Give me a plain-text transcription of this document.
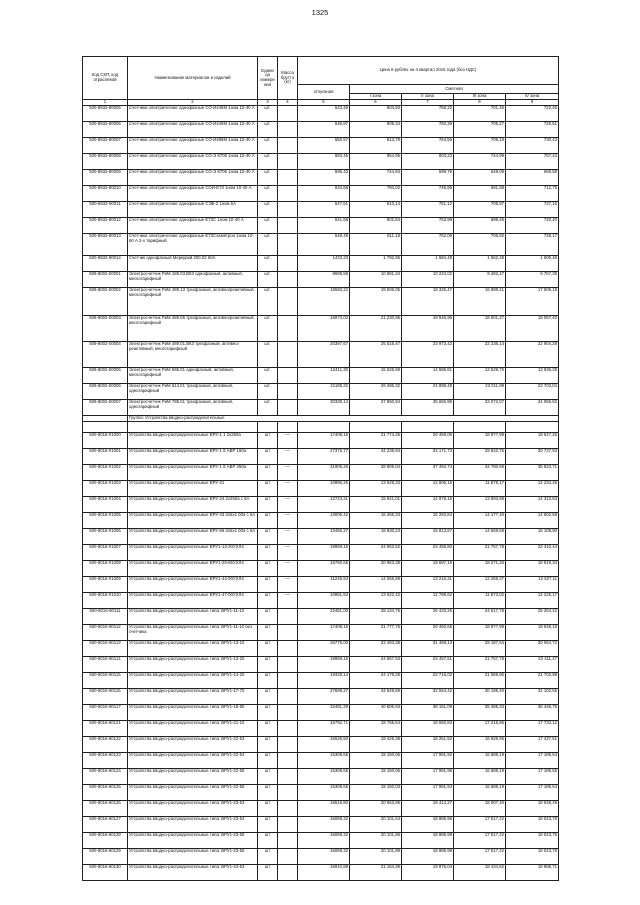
1325
Код СКП, код отраслевой	Наименование материалов и изделий	Едини ца измере ния	Масса брутто (кг)	Цена в рублях на 4 квартал 2015 года (без НДС)				
				отпускная	Сметная			
					I зона	II зона	III зона	IV зона
1	2	3	4	5	6	7	8	9
500-8832-90005	Счетчики электрические однофазные СО-И446М 1ном 10-40 А	шт.		643,49	804,93	758,32	701,46	722,46
500-8832-90006	Счетчики электрические однофазные СО-И449М 1ном 10-40 А	шт.		646,97	809,34	760,39	705,27	726,61
500-8832-90007	Счетчики электрические однофазные СО-И499М 1ном 10-40 А	шт.		650,57	813,78	764,56	709,19	730,43
500-8832-90008	Счетчики электрические однофазные СО-Э 6705 1ном 10-40 А	шт.		683,45	854,95	803,23	744,99	767,44
500-8832-90009	Счетчики электрические однофазные СО-Э 6706 1ном 10-40 А	шт.		595,43	744,84	699,79	649,09	668,59
500-8832-90010	Счетчики электрические однофазные СОИ-Е73 1ном 10-40 А	шт.		634,68	794,02	745,95	691,88	712,75
500-8832-90011	Счетчики электрические однофазные СЭБ-2 1ном 5А	шт.		647,61	810,14	761,12	705,97	727,16
500-8832-90012	Счетчики электрические однофазные Е73С 1ном 10-40 А	шт.		641,68	802,84	753,98	699,46	720,40
500-8832-90013	Счетчики электрические однофазные Е73Сахметрон 1ном 10-60 А 2-х тарифный	шт.		648,48	811,18	762,09	706,92	728,17
500-8832-90014	Счетчик однофазный Меркурий 200.02 60А	шт.		1433,33	1 792,95	1 684,48	1 562,49	1 609,46
509-8002-00001	Электросчетчик РиМ 189.03.ВК3 однофазный, активный, многотарифный	шт.		8698,58	10 881,34	10 223,02	9 482,47	9 767,39
509-8002-00002	Электросчетчик РиМ 489.13 трехфазный, активно/реактивный, многотарифный	шт.		15593,22	19 506,05	18 326,47	16 998,41	17 509,18
509-8002-00003	Электросчетчик РиМ 489.06 трехфазный, активно/реактивный, многотарифный	шт.		16973,03	21 230,95	19 946,96	18 501,47	19 057,40
509-8002-00004	Электросчетчик РиМ 489.01.ВК3 трехфазный, активно/реактивный, многотарифный	шт.		20397,67	25 516,47	23 973,42	22 236,14	22 904,28
509-8002-00005	Электросчетчик РиМ 586.01 однофазный, активный, многотарифный	шт.		12411,30	15 525,69	14 586,81	13 529,75	13 936,29
509-8002-00006	Электросчетчик РиМ 614.01 трехфазный, активный, однотарифный	шт.		21189,32	26 496,32	24 899,48	23 011,99	23 703,04
509-8002-00007	Электросчетчик РиМ 789.01 трехфазный, активный, однотарифный	шт.		30339,14	37 950,94	35 656,95	33 072,07	34 065,62
	Группа: Устройства вводно-распределительные							

500-8016-01000	Устройства вводно-распределительные ВРУ-1 1 2х250а	шт	—	17409,16	21 774,25	20 459,06	18 977,99	19 547,26
500-8016-01001	Устройства вводно-распределительные ВРУ-1 8 АВР 160а	шт	—	27375,77	34 239,84	32 171,73	29 842,75	30 737,93
500-8016-01002	Устройства вводно-распределительные ВРУ-1 8 АВР 250а	шт	—	31905,26	39 905,04	37 494,74	34 780,69	35 823,71
500-8016-01003	Устройства вводно-распределительные ВРУ-21	шт	—	10896,25	13 628,33	12 805,16	11 878,17	12 234,45
500-8016-01004	Устройства вводно-распределительные ВРУ-24 2х250а с 6А	шт	—	12743,31	15 941,01	14 978,16	13 893,88	14 310,63
500-8016-01005	Устройства вводно-распределительные ВРУ-43 2х5х1 00а с 6А	шт	—	13005,42	16 266,33	15 283,84	14 177,40	14 602,68
500-8016-01006	Устройства вводно-распределительные ВРУ-66 2х5х1 00а с 6А	шт	—	13456,27	16 830,23	15 813,67	14 668,58	15 108,90
500-8016-01007	Устройства вводно-распределительные ВРУ1-13-20УХЛ4	шт	—	19959,16	24 963,52	23 455,80	21 757,78	22 410,44
500-8016-01008	Устройства вводно-распределительные ВРУ1-29-65УХЛ4	шт	—	16760,65	20 963,39	19 697,19	18 271,26	18 819,34
500-8016-01009	Устройства вводно-распределительные ВРУ1-44-00УХЛ4	шт	—	11245,94	14 065,88	13 216,31	12 259,37	12 627,11
500-8016-01010	Устройства вводно-распределительные ВРУ1-47-00УХЛ4	шт	—	10881,53	13 622,42	12 789,62	11 873,02	12 225,17
500-8016-90111	Устройства вводно-распределительные типа: ВРУ1-11-10	шт		22481,00	28 134,75	26 433,25	24 517,78	25 254,42
500-8016-90112	Устройства вводно-распределительные типа: ВРУ1-11-10 без счетчика	шт		17409,16	21 777,76	20 460,65	18 977,99	19 548,19
500-8016-90113	Устройства вводно-распределительные типа: ВРУ1-13-10	шт		26775,00	33 493,38	31 468,13	29 187,64	30 064,72
500-8016-90114	Устройства вводно-распределительные типа: ВРУ1-13-20	шт		19959,16	24 967,53	23 457,51	21 757,78	22 411,47
500-8016-90115	Устройства вводно-распределительные типа: ВРУ1-14-20	шт		19328,14	24 178,28	22 716,02	21 069,90	21 702,98
500-8016-90116	Устройства вводно-распределительные типа: ВРУ1-17-70	шт		27699,27	34 649,69	32 554,42	30 195,40	31 102,65
500-8016-90117	Устройства вводно-распределительные типа: ВРУ1-18-80	шт		32481,29	40 606,93	38 151,09	35 385,33	36 448,75
500-8016-90121	Устройства вводно-распределительные типа: ВРУ1-21-10	шт		15792,71	19 755,54	18 560,83	17 215,86	17 733,12
500-8016-90122	Устройства вводно-распределительные типа: ВРУ1-22-53	шт		15529,50	19 426,38	18 251,52	16 929,95	17 437,61
500-8016-90123	Устройства вводно-распределительные типа: ВРУ1-22-54	шт		15308,65	19 150,06	17 991,92	16 688,19	17 189,54
500-8016-90124	Устройства вводно-распределительные типа: ВРУ1-22-55	шт		15308,65	19 150,06	17 991,95	16 688,19	17 189,55
500-8016-90125	Устройства вводно-распределительные типа: ВРУ1-22-56	шт		15308,65	19 150,03	17 991,94	16 688,19	17 189,54
500-8016-90126	Устройства вводно-распределительные типа: ВРУ1-23-53	шт		16516,80	20 663,96	19 414,27	18 007,40	18 548,49
500-8016-90127	Устройства вводно-распределительные типа: ВРУ1-23-54	шт		16069,32	20 101,64	18 885,96	17 517,42	18 043,78
500-8016-90128	Устройства вводно-распределительные типа: ВРУ1-23-55	шт		16069,32	20 101,86	18 885,99	17 517,42	18 043,75
500-8016-90129	Устройства вводно-распределительные типа: ВРУ1-23-56	шт		16069,32	20 101,89	18 885,98	17 517,42	18 043,78
500-8016-90130	Устройства вводно-распределительные типа: ВРУ1-24-53	шт		16910,89	21 154,39	19 875,04	18 434,82	18 988,71
